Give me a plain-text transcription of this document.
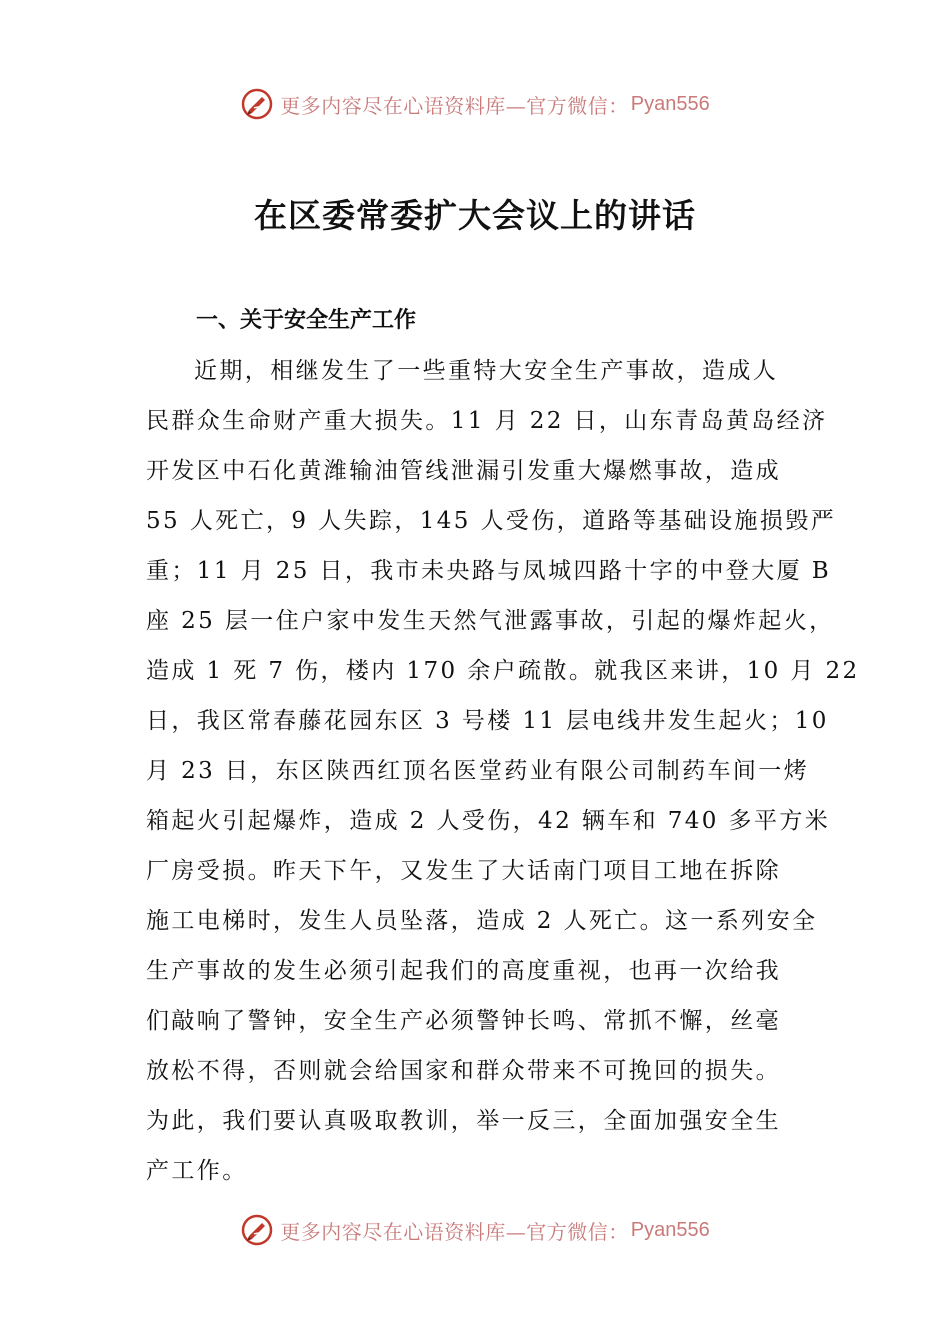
更多内容尽在心语资料库—官方微信： Pyan556
在区委常委扩大会议上的讲话
一、关于安全生产工作
近期，相继发生了一些重特大安全生产事故，造成人
民群众生命财产重大损失。11 月 22 日，山东青岛黄岛经济
开发区中石化黄潍输油管线泄漏引发重大爆燃事故，造成
55 人死亡，9 人失踪，145 人受伤，道路等基础设施损毁严
重；11 月 25 日，我市未央路与凤城四路十字的中登大厦 B
座 25 层一住户家中发生天然气泄露事故，引起的爆炸起火，
造成 1 死 7 伤，楼内 170 余户疏散。就我区来讲，10 月 22
日，我区常春藤花园东区 3 号楼 11 层电线井发生起火；10
月 23 日，东区陕西红顶名医堂药业有限公司制药车间一烤
箱起火引起爆炸，造成 2 人受伤，42 辆车和 740 多平方米
厂房受损。昨天下午，又发生了大话南门项目工地在拆除
施工电梯时，发生人员坠落，造成 2 人死亡。这一系列安全
生产事故的发生必须引起我们的高度重视，也再一次给我
们敲响了警钟，安全生产必须警钟长鸣、常抓不懈，丝毫
放松不得，否则就会给国家和群众带来不可挽回的损失。
为此，我们要认真吸取教训，举一反三，全面加强安全生
产工作。
更多内容尽在心语资料库—官方微信： Pyan556
